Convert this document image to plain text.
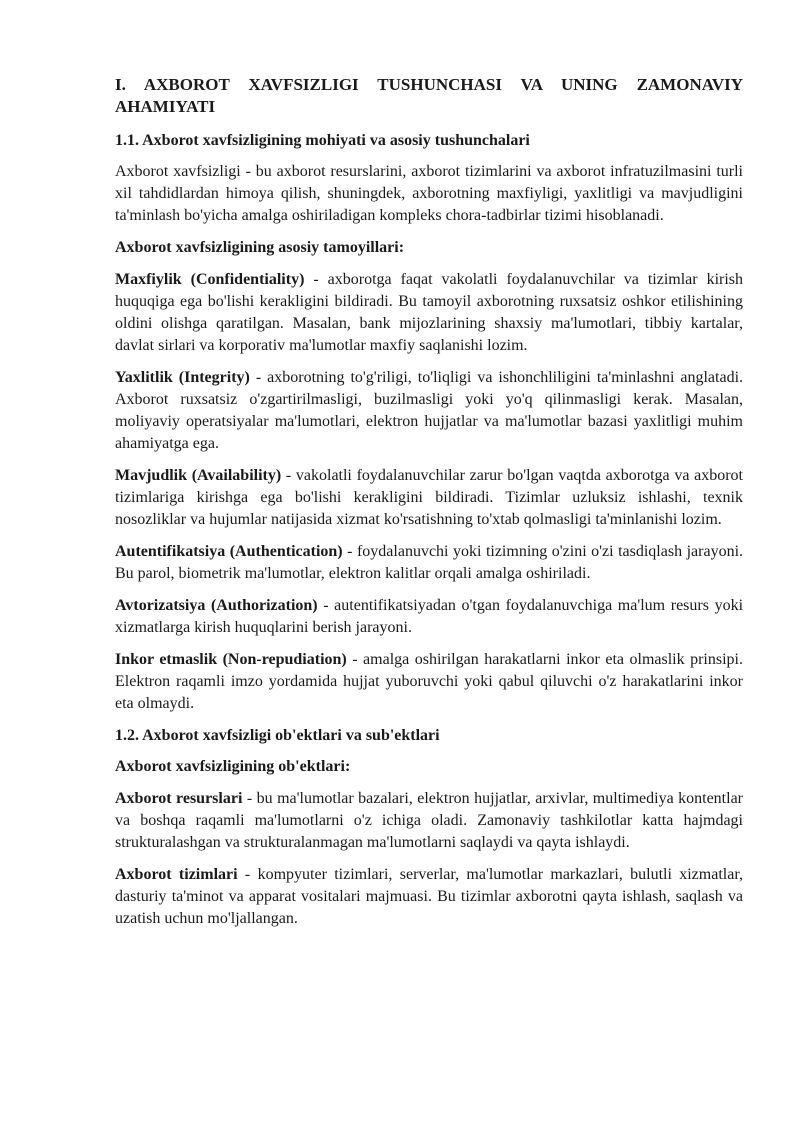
I. AXBOROT XAVFSIZLIGI TUSHUNCHASI VA UNING ZAMONAVIY AHAMIYATI
1.1. Axborot xavfsizligining mohiyati va asosiy tushunchalari

Axborot xavfsizligi - bu axborot resurslarini, axborot tizimlarini va axborot infratuzilmasini turli xil tahdidlardan himoya qilish, shuningdek, axborotning maxfiyligi, yaxlitligi va mavjudligini ta'minlash bo'yicha amalga oshiriladigan kompleks chora-tadbirlar tizimi hisoblanadi.

Axborot xavfsizligining asosiy tamoyillari:

Maxfiylik (Confidentiality) - axborotga faqat vakolatli foydalanuvchilar va tizimlar kirish huquqiga ega bo'lishi kerakligini bildiradi. Bu tamoyil axborotning ruxsatsiz oshkor etilishining oldini olishga qaratilgan. Masalan, bank mijozlarining shaxsiy ma'lumotlari, tibbiy kartalar, davlat sirlari va korporativ ma'lumotlar maxfiy saqlanishi lozim.

Yaxlitlik (Integrity) - axborotning to'g'riligi, to'liqligi va ishonchliligini ta'minlashni anglatadi. Axborot ruxsatsiz o'zgartirilmasligi, buzilmasligi yoki yo'q qilinmasligi kerak. Masalan, moliyaviy operatsiyalar ma'lumotlari, elektron hujjatlar va ma'lumotlar bazasi yaxlitligi muhim ahamiyatga ega.

Mavjudlik (Availability) - vakolatli foydalanuvchilar zarur bo'lgan vaqtda axborotga va axborot tizimlariga kirishga ega bo'lishi kerakligini bildiradi. Tizimlar uzluksiz ishlashi, texnik nosozliklar va hujumlar natijasida xizmat ko'rsatishning to'xtab qolmasligi ta'minlanishi lozim.

Autentifikatsiya (Authentication) - foydalanuvchi yoki tizimning o'zini o'zi tasdiqlash jarayoni. Bu parol, biometrik ma'lumotlar, elektron kalitlar orqali amalga oshiriladi.

Avtorizatsiya (Authorization) - autentifikatsiyadan o'tgan foydalanuvchiga ma'lum resurs yoki xizmatlarga kirish huquqlarini berish jarayoni.

Inkor etmaslik (Non-repudiation) - amalga oshirilgan harakatlarni inkor eta olmaslik prinsipi. Elektron raqamli imzo yordamida hujjat yuboruvchi yoki qabul qiluvchi o'z harakatlarini inkor eta olmaydi.

1.2. Axborot xavfsizligi ob'ektlari va sub'ektlari

Axborot xavfsizligining ob'ektlari:

Axborot resurslari - bu ma'lumotlar bazalari, elektron hujjatlar, arxivlar, multimediya kontentlar va boshqa raqamli ma'lumotlarni o'z ichiga oladi. Zamonaviy tashkilotlar katta hajmdagi strukturalashgan va strukturalanmagan ma'lumotlarni saqlaydi va qayta ishlaydi.

Axborot tizimlari - kompyuter tizimlari, serverlar, ma'lumotlar markazlari, bulutli xizmatlar, dasturiy ta'minot va apparat vositalari majmuasi. Bu tizimlar axborotni qayta ishlash, saqlash va uzatish uchun mo'ljallangan.
